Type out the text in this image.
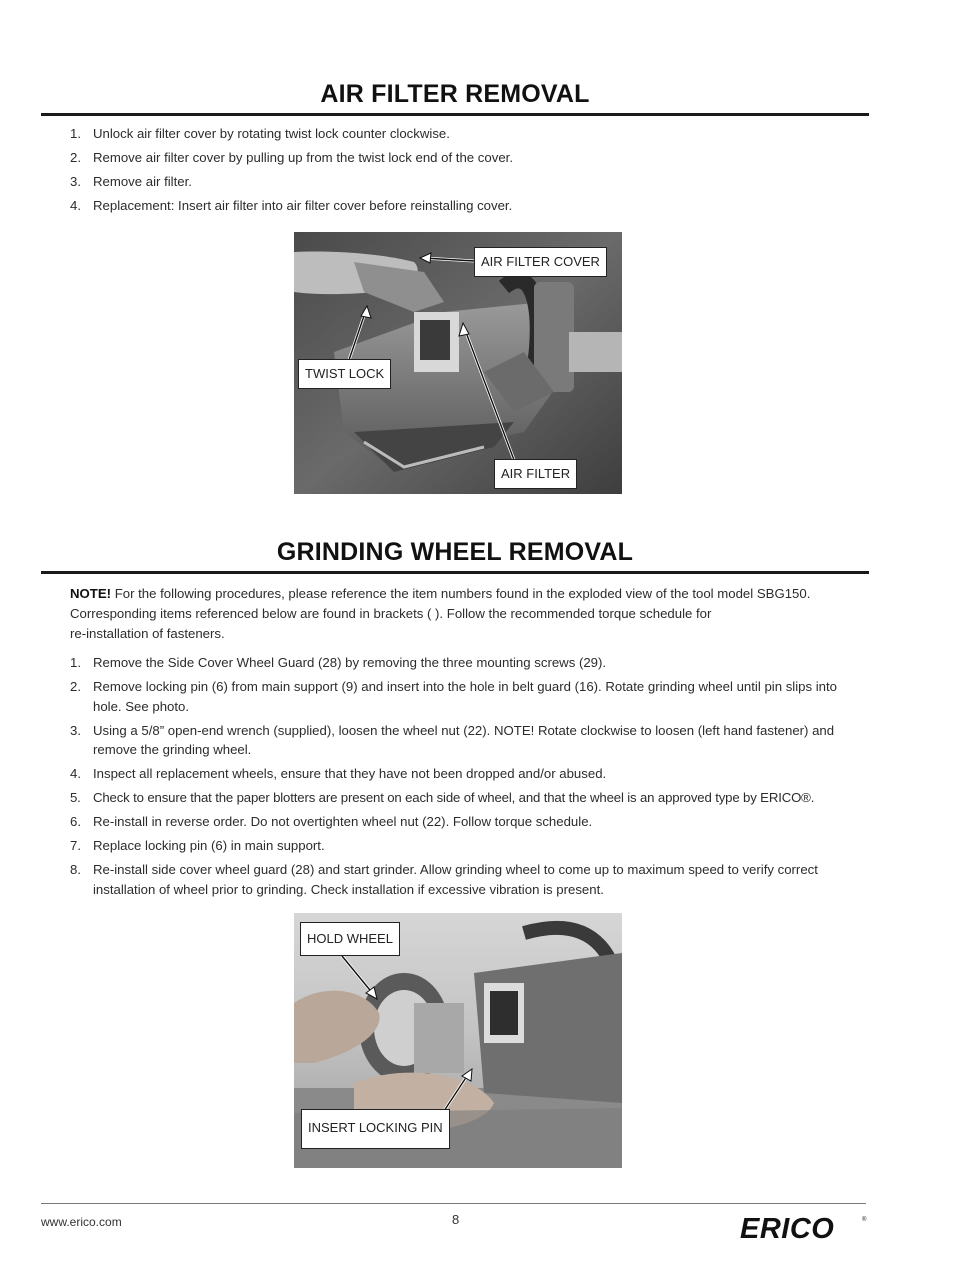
AIR FILTER REMOVAL
1. Unlock air filter cover by rotating twist lock counter clockwise.
2. Remove air filter cover by pulling up from the twist lock end of the cover.
3. Remove air filter.
4. Replacement: Insert air filter into air filter cover before reinstalling cover.
AIR FILTER COVER
TWIST LOCK
AIR FILTER
GRINDING WHEEL REMOVAL
NOTE! For the following procedures, please reference the item numbers found in the exploded view of the tool model SBG150.
Corresponding items referenced below are found in brackets ( ). Follow the recommended torque schedule for
re-installation of fasteners.
1. Remove the Side Cover Wheel Guard (28) by removing the three mounting screws (29).
2. Remove locking pin (6) from main support (9) and insert into the hole in belt guard (16). Rotate grinding wheel until pin slips into hole. See photo.
3. Using a 5/8” open-end wrench (supplied), loosen the wheel nut (22). NOTE! Rotate clockwise to loosen (left hand fastener) and remove the grinding wheel.
4. Inspect all replacement wheels, ensure that they have not been dropped and/or abused.
5. Check to ensure that the paper blotters are present on each side of wheel, and that the wheel is an approved type by ERICO®.
6. Re-install in reverse order. Do not overtighten wheel nut (22). Follow torque schedule.
7. Replace locking pin (6) in main support.
8. Re-install side cover wheel guard (28) and start grinder. Allow grinding wheel to come up to maximum speed to verify correct installation of wheel prior to grinding. Check installation if excessive vibration is present.
HOLD WHEEL
INSERT LOCKING PIN
www.erico.com	8	ERICO	®
